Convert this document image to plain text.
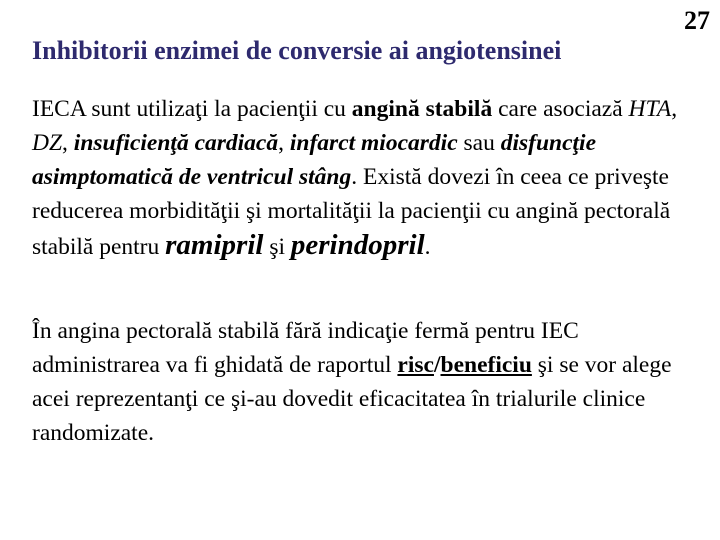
27
Inhibitorii enzimei de conversie ai angiotensinei
IECA sunt utilizaţi la pacienţii cu angină stabilă care asociază HTA, DZ, insuficienţă cardiacă, infarct miocardic sau disfuncţie asimptomatică de ventricul stâng. Există dovezi în ceea ce priveşte reducerea morbidităţii şi mortalităţii la pacienţii cu angină pectorală stabilă pentru ramipril şi perindopril.
În angina pectorală stabilă fără indicaţie fermă pentru IEC administrarea va fi ghidată de raportul risc/beneficiu şi se vor alege acei reprezentanţi ce şi-au dovedit eficacitatea în trialurile clinice randomizate.
